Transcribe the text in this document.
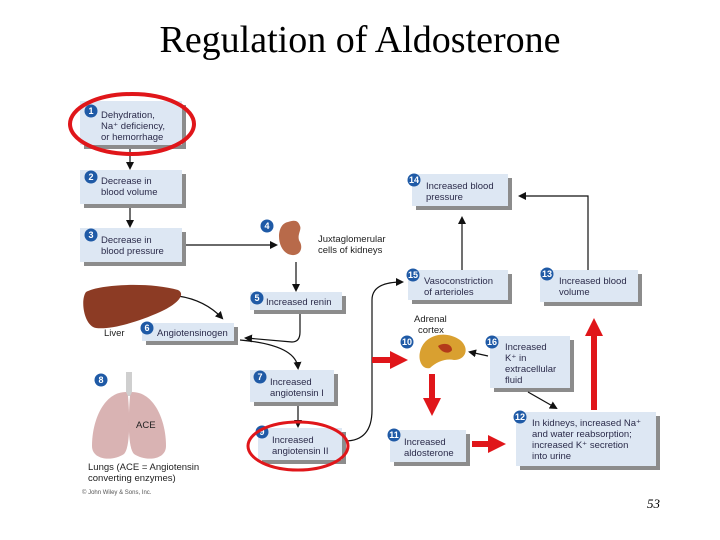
Regulation of Aldosterone
1 Dehydration,
Na⁺ deficiency,
or hemorrhage
2 Decrease in
blood volume
3 Decrease in
blood pressure
4
Juxtaglomerular
cells of kidneys
5 Increased renin
Liver 6 Angiotensinogen
7 Increased
angiotensin I
8
ACE
Lungs (ACE = Angiotensin
converting enzymes)
9
Increased
angiotensin II
Adrenal
cortex
10
11
Increased
aldosterone
12
In kidneys, increased Na⁺
and water reabsorption;
increased K⁺ secretion
into urine
13
Increased blood
volume
14
Increased blood
pressure
15
Vasoconstriction
of arterioles
16 Increased
K⁺ in
extracellular
fluid
© John Wiley & Sons, Inc.
53
